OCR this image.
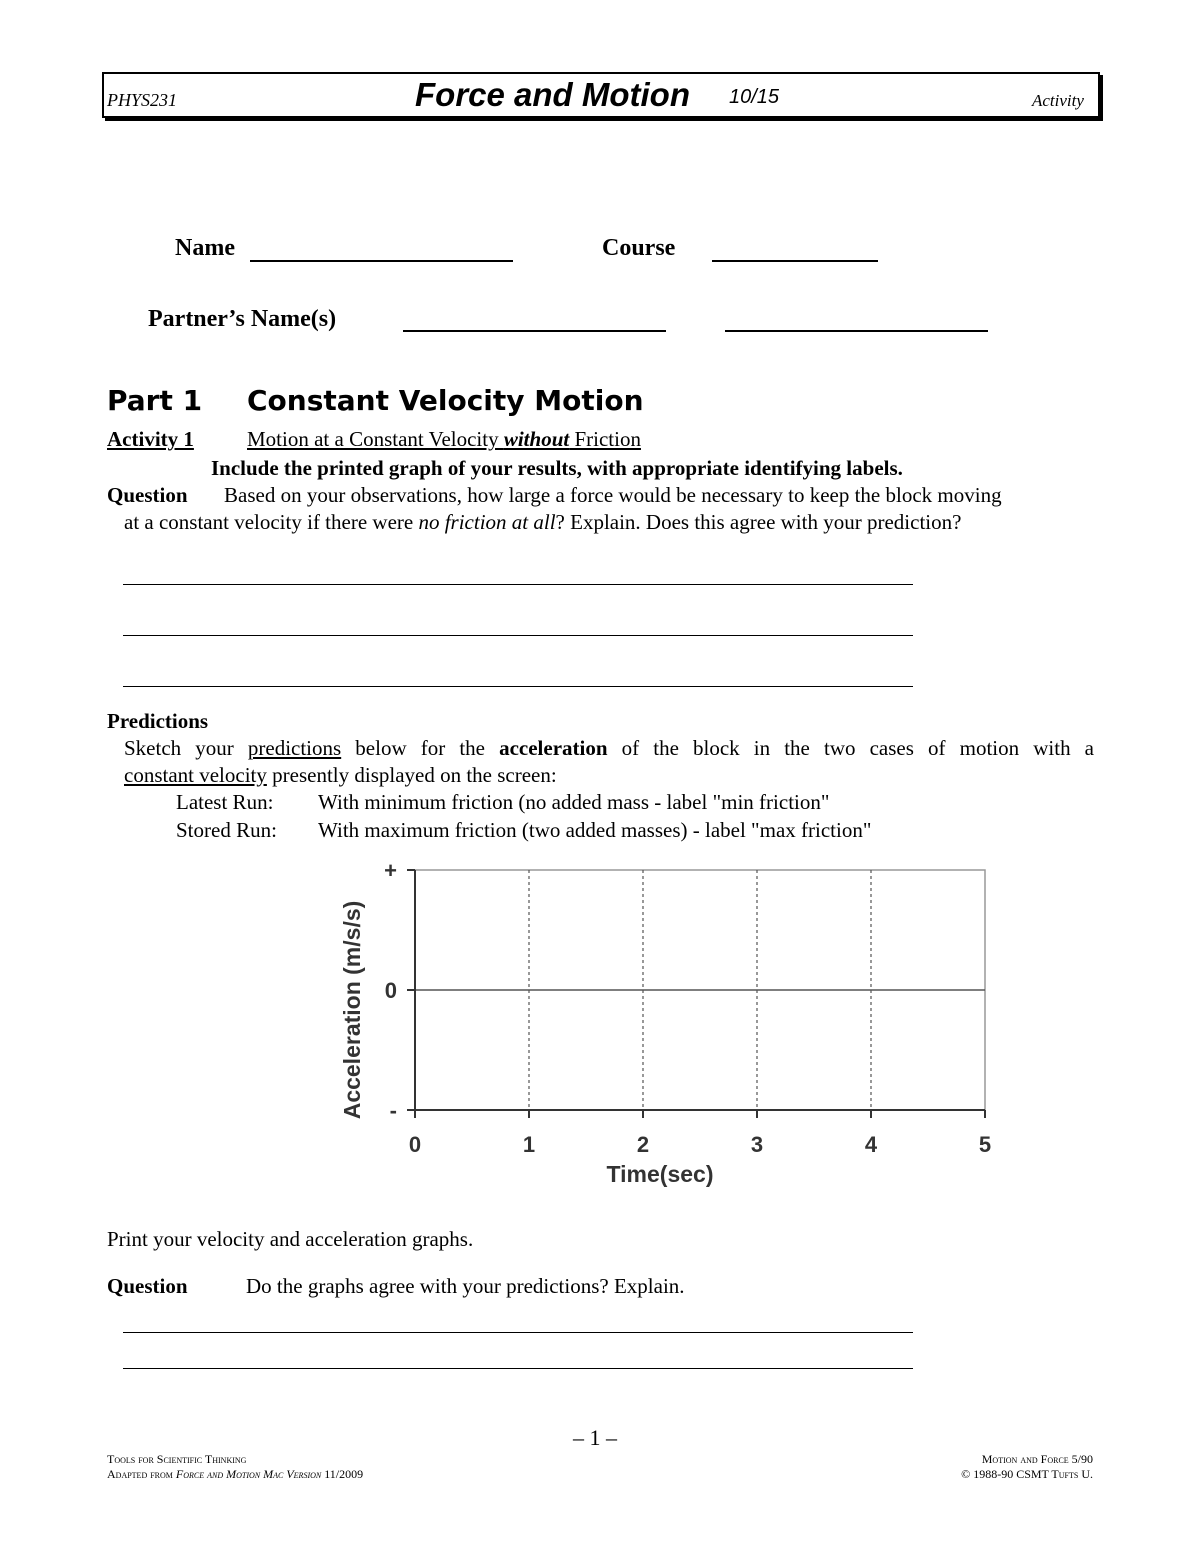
PHYS231	Force and Motion 10/15	Activity
Name	Course
Partner’s Name(s)
Part 1 Constant Velocity Motion
Activity 1	Motion at a Constant Velocity without Friction
Include the printed graph of your results, with appropriate identifying labels.
Question Based on your observations, how large a force would be necessary to keep the block moving
at a constant velocity if there were no friction at all? Explain. Does this agree with your prediction?
Predictions
Sketch your predictions below for the acceleration of the block in the two cases of motion with a
constant velocity presently displayed on the screen:
Latest Run: With minimum friction (no added mass - label "min friction"
Stored Run: With maximum friction (two added masses) - label "max friction"
0	1	2	3	4	5
+
0
-
Time(sec)
Acceleration (m/s/s)
Print your velocity and acceleration graphs.
Question	Do the graphs agree with your predictions? Explain.
– 1 –
Tools for Scientific Thinking
Adapted from Force and Motion Mac Version 11/2009
Motion and Force 5/90
© 1988-90 CSMT Tufts U.
